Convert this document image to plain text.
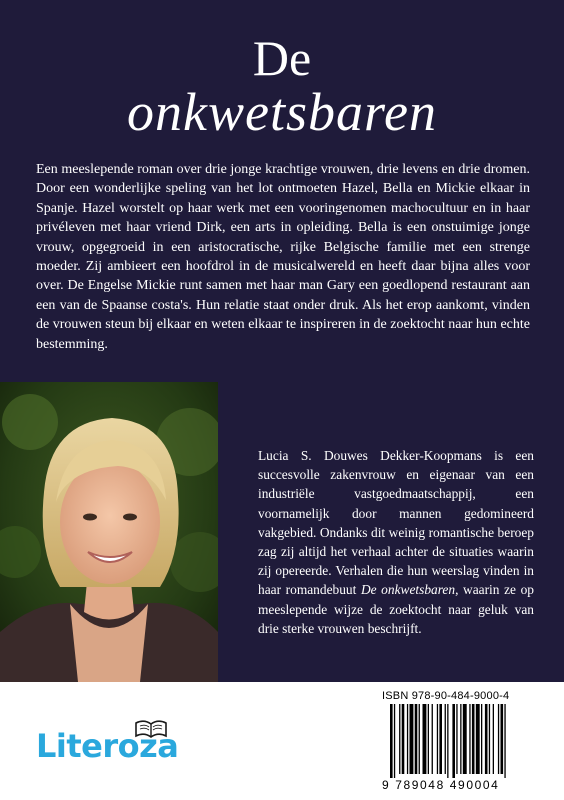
De
onkwetsbaren

Een meeslepende roman over drie jonge krachtige vrouwen, drie levens en drie dromen. Door een wonderlijke speling van het lot ontmoeten Hazel, Bella en Mickie elkaar in Spanje. Hazel worstelt op haar werk met een vooringenomen machocultuur en in haar privéleven met haar vriend Dirk, een arts in opleiding. Bella is een onstuimige jonge vrouw, opgegroeid in een aristocratische, rijke Belgische familie met een strenge moeder. Zij ambieert een hoofdrol in de musicalwereld en heeft daar bijna alles voor over. De Engelse Mickie runt samen met haar man Gary een goedlopend restaurant aan een van de Spaanse costa's. Hun relatie staat onder druk. Als het erop aankomt, vinden de vrouwen steun bij elkaar en weten elkaar te inspireren in de zoektocht naar hun echte bestemming.

Lucia S. Douwes Dekker-Koopmans is een succesvolle zakenvrouw en eigenaar van een industriële vastgoedmaatschappij, een voornamelijk door mannen gedomineerd vakgebied. Ondanks dit weinig romantische beroep zag zij altijd het verhaal achter de situaties waarin zij opereerde. Verhalen die hun weerslag vinden in haar romandebuut De onkwetsbaren, waarin ze op meeslepende wijze de zoektocht naar geluk van drie sterke vrouwen beschrijft.

Literoza
ISBN 978-90-484-9000-4
9 789048 490004
